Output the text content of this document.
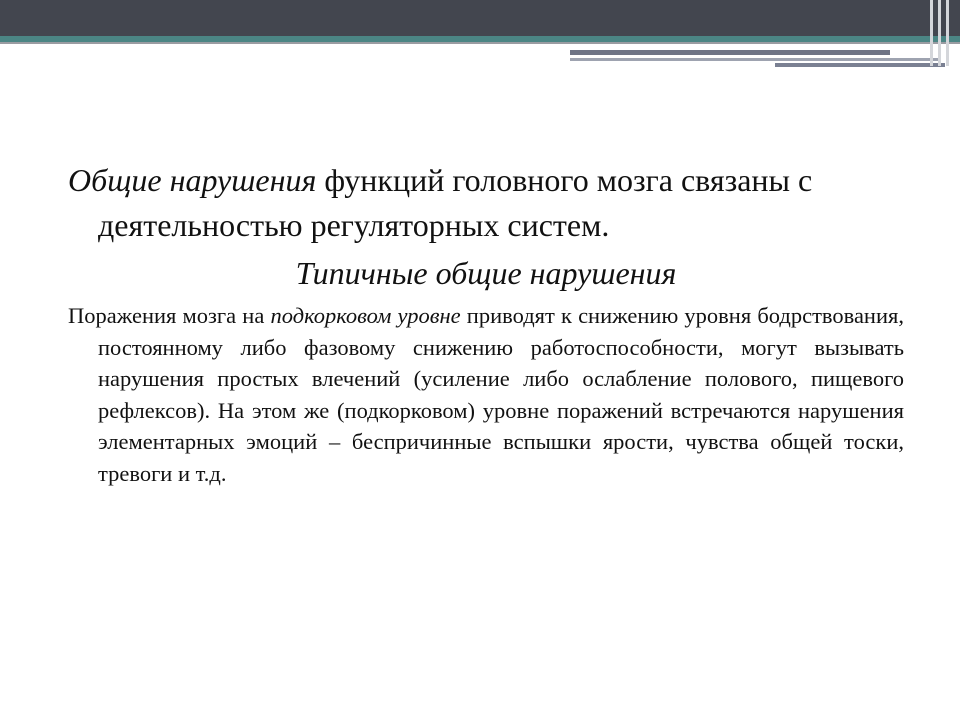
Общие нарушения функций головного мозга связаны с деятельностью регуляторных систем.

Типичные общие нарушения

Поражения мозга на подкорковом уровне приводят к снижению уровня бодрствования, постоянному либо фазовому снижению работоспособности, могут вызывать нарушения простых влечений (усиление либо ослабление полового, пищевого рефлексов). На этом же (подкорковом) уровне поражений встречаются нарушения элементарных эмоций – беспричинные вспышки ярости, чувства общей тоски, тревоги и т.д.
